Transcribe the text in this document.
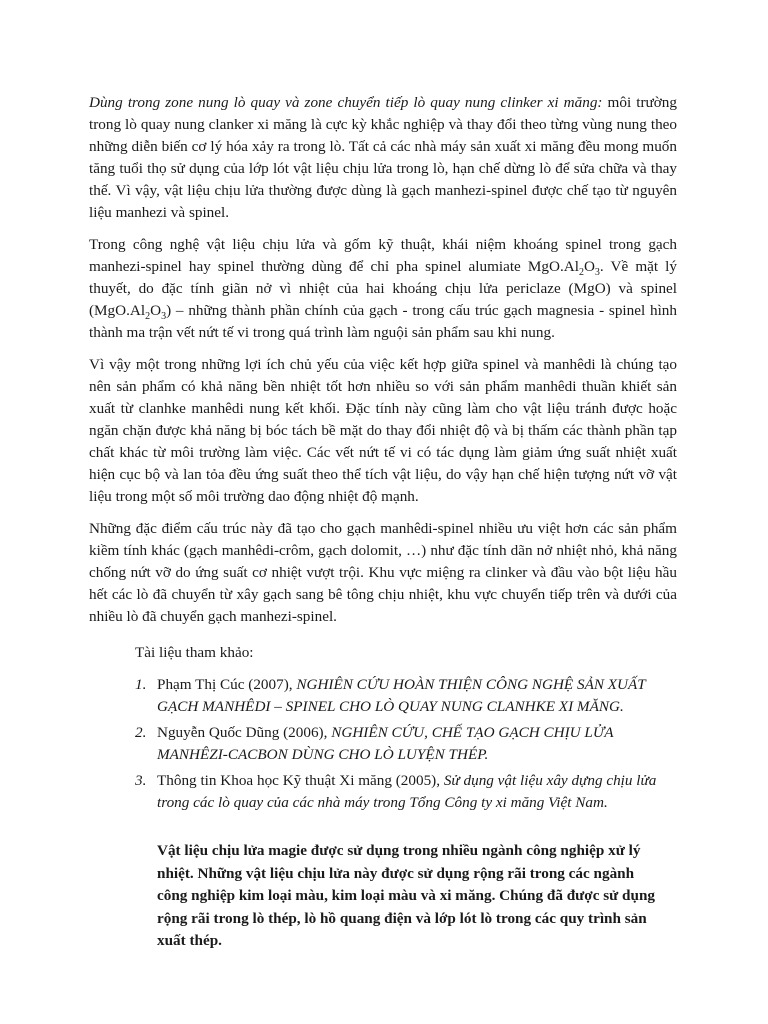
Dùng trong zone nung lò quay và zone chuyển tiếp lò quay nung clinker xi măng: môi trường trong lò quay nung clanker xi măng là cực kỳ khắc nghiệp và thay đổi theo từng vùng nung theo những diễn biến cơ lý hóa xảy ra trong lò. Tất cả các nhà máy sản xuất xi măng đều mong muốn tăng tuổi thọ sử dụng của lớp lót vật liệu chịu lửa trong lò, hạn chế dừng lò để sửa chữa và thay thế. Vì vậy, vật liệu chịu lửa thường được dùng là gạch manhezi-spinel được chế tạo từ nguyên liệu manhezi và spinel.

Trong công nghệ vật liệu chịu lửa và gốm kỹ thuật, khái niệm khoáng spinel trong gạch manhezi-spinel hay spinel thường dùng để chỉ pha spinel alumiate $MgO.Al_2O_3$. Về mặt lý thuyết, do đặc tính giãn nở vì nhiệt của hai khoáng chịu lửa periclaze (MgO) và spinel $(MgO.Al_2O_3)$ – những thành phần chính của gạch - trong cấu trúc gạch magnesia - spinel hình thành ma trận vết nứt tế vi trong quá trình làm nguội sản phẩm sau khi nung.

Vì vậy một trong những lợi ích chủ yếu của việc kết hợp giữa spinel và manhêdi là chúng tạo nên sản phẩm có khả năng bền nhiệt tốt hơn nhiều so với sản phẩm manhêdi thuần khiết sản xuất từ clanhke manhêdi nung kết khối. Đặc tính này cũng làm cho vật liệu tránh được hoặc ngăn chặn được khả năng bị bóc tách bề mặt do thay đổi nhiệt độ và bị thấm các thành phần tạp chất khác từ môi trường làm việc. Các vết nứt tế vi có tác dụng làm giảm ứng suất nhiệt xuất hiện cục bộ và lan tỏa đều ứng suất theo thể tích vật liệu, do vậy hạn chế hiện tượng nứt vỡ vật liệu trong một số môi trường dao động nhiệt độ mạnh.

Những đặc điểm cấu trúc này đã tạo cho gạch manhêdi-spinel nhiều ưu việt hơn các sản phẩm kiềm tính khác (gạch manhêdi-crôm, gạch dolomit, …) như đặc tính dãn nở nhiệt nhỏ, khả năng chống nứt vỡ do ứng suất cơ nhiệt vượt trội. Khu vực miệng ra clinker và đầu vào bột liệu hầu hết các lò đã chuyển từ xây gạch sang bê tông chịu nhiệt, khu vực chuyển tiếp trên và dưới của nhiều lò đã chuyển gạch manhezi-spinel.

Tài liệu tham khảo:
1. Phạm Thị Cúc (2007), NGHIÊN CỨU HOÀN THIỆN CÔNG NGHỆ SẢN XUẤT GẠCH MANHÊDI – SPINEL CHO LÒ QUAY NUNG CLANHKE XI MĂNG.
2. Nguyễn Quốc Dũng (2006), NGHIÊN CỨU, CHẾ TẠO GẠCH CHỊU LỬA MANHÊZI-CACBON DÙNG CHO LÒ LUYỆN THÉP.
3. Thông tin Khoa học Kỹ thuật Xi măng (2005), Sử dụng vật liệu xây dựng chịu lửa trong các lò quay của các nhà máy trong Tổng Công ty xi măng Việt Nam.
Vật liệu chịu lửa magie được sử dụng trong nhiều ngành công nghiệp xử lý nhiệt. Những vật liệu chịu lửa này được sử dụng rộng rãi trong các ngành công nghiệp kim loại màu, kim loại màu và xi măng. Chúng đã được sử dụng rộng rãi trong lò thép, lò hồ quang điện và lớp lót lò trong các quy trình sản xuất thép.
